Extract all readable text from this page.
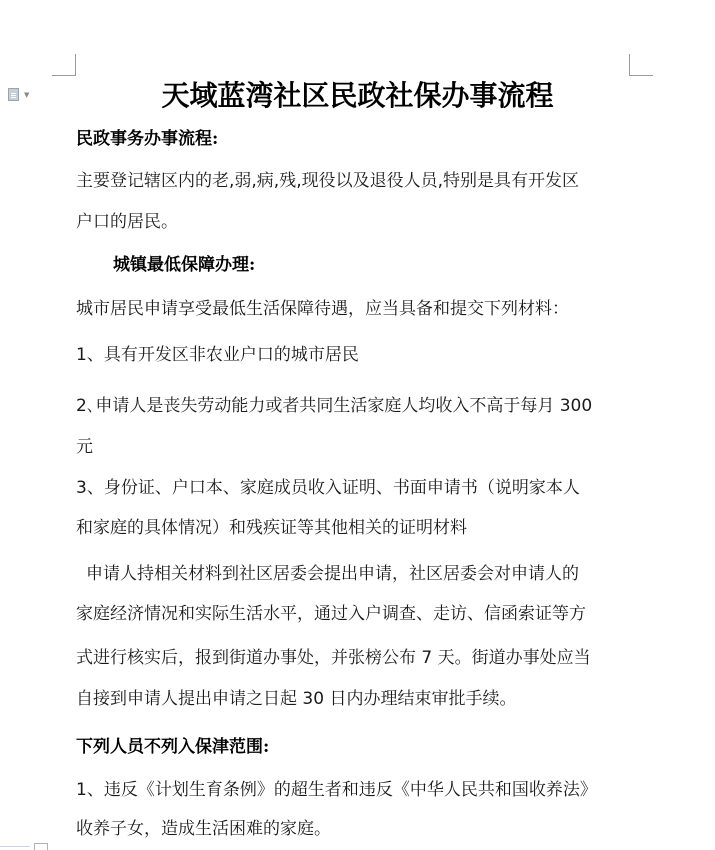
▼	天域蓝湾社区民政社保办事流程
民政事务办事流程:
主要登记辖区内的老,弱,病,残,现役以及退役人员,特别是具有开发区
户口的居民。
城镇最低保障办理:
城市居民申请享受最低生活保障待遇，应当具备和提交下列材料：
1、具有开发区非农业户口的城市居民
2､申请人是丧失劳动能力或者共同生活家庭人均收入不高于每月 300
元
3、身份证、户口本、家庭成员收入证明、书面申请书（说明家本人
和家庭的具体情况）和残疾证等其他相关的证明材料
申请人持相关材料到社区居委会提出申请，社区居委会对申请人的
家庭经济情况和实际生活水平，通过入户调查、走访、信函索证等方
式进行核实后，报到街道办事处，并张榜公布 7 天。街道办事处应当
自接到申请人提出申请之日起 30 日内办理结束审批手续。
下列人员不列入保津范围:
1、违反《计划生育条例》的超生者和违反《中华人民共和国收养法》
收养子女，造成生活困难的家庭。
